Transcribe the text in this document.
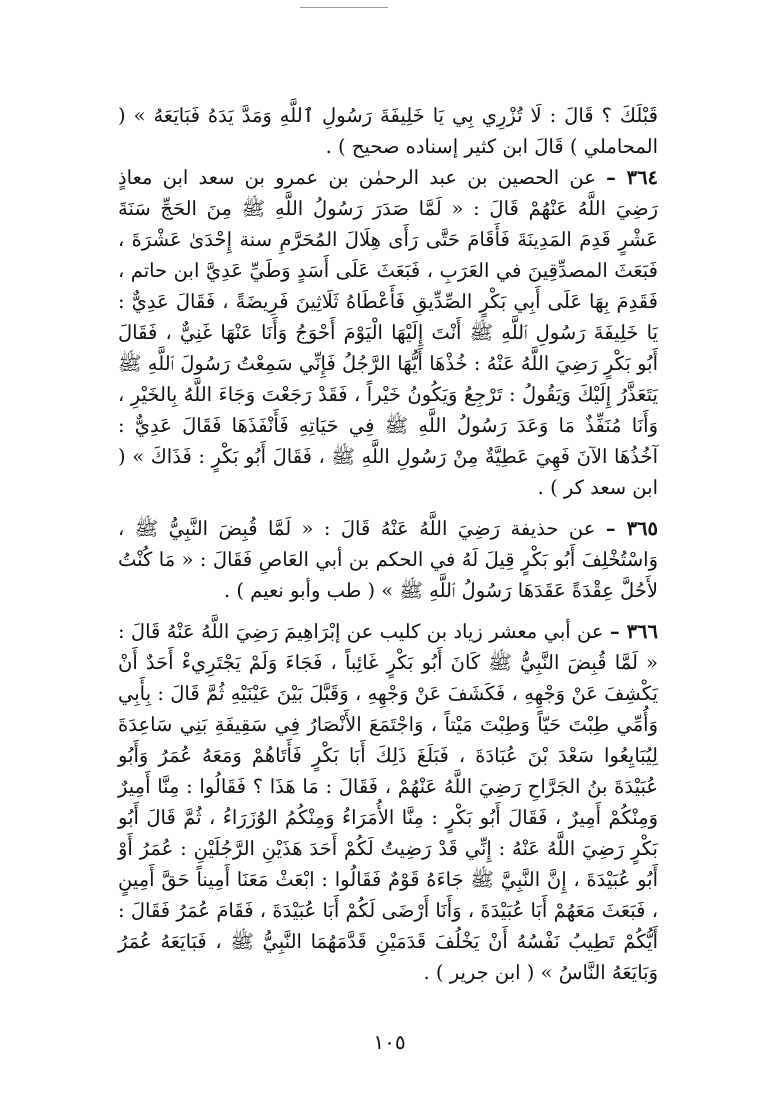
قَبْلَكَ ؟ قَالَ : لَا تُزْرِي بِي يَا خَلِيفَةَ رَسُولِ ٱللَّهِ وَمَدَّ يَدَهُ فَبَايَعَهُ » ( المحاملي ) قَالَ ابن كثير إسناده صحيح ) .

٣٦٤ – عن الحصين بن عبد الرحمٰن بن عمرو بن سعد ابن معاذٍ رَضِيَ اللَّهُ عَنْهُمْ قَالَ : « لَمَّا صَدَرَ رَسُولُ اللَّهِ ﷺ مِنَ الحَجِّ سَنَةَ عَشْرٍ قَدِمَ المَدِينَةَ فَأَقَامَ حَتَّى رَأَى هِلَالَ المُحَرَّمِ سنة إِحْدَىٰ عَشْرَةَ ، فَبَعَثَ المصدِّقِينَ في العَرَبِ ، فَبَعَثَ عَلَى أَسَدٍ وَطَيِّ عَدِيَّ ابن حاتم ، فَقَدِمَ بِهَا عَلَى أَبِي بَكْرٍ الصِّدِّيقِ فَأَعْطَاهُ ثَلَاثِينَ فَرِيضَةً ، فَقَالَ عَدِيٌّ : يَا خَلِيفَةَ رَسُولِ ٱللَّهِ ﷺ أَنْتَ إِلَيْهَا الْيَوْمَ أَحْوَجُ وَأَنَا عَنْهَا غَنِيٌّ ، فَقَالَ أَبُو بَكْرٍ رَضِيَ اللَّهُ عَنْهُ : خُذْهَا أَيُّهَا الرَّجُلُ فَإِنِّي سَمِعْتُ رَسُولَ ٱللَّهِ ﷺ يَتَعَذَّرُ إِلَيْكَ وَيَقُولُ : تَرْجِعُ وَيَكُونُ خَيْراً ، فَقَدْ رَجَعْتَ وَجَاءَ اللَّهُ بِالخَيْرِ ، وَأَنَا مُنَفِّذٌ مَا وَعَدَ رَسُولُ اللَّهِ ﷺ فِي حَيَاتِهِ فَأَنْفَذَهَا فَقَالَ عَدِيٌّ : آخُذُهَا الآنَ فَهِيَ عَطِيَّةٌ مِنْ رَسُولِ اللَّهِ ﷺ ، فَقَالَ أَبُو بَكْرٍ : فَذَاكَ » ( ابن سعد كر ) .

٣٦٥ – عن حذيفة رَضِيَ اللَّهُ عَنْهُ قَالَ : « لَمَّا قُبِضَ النَّبِيُّ ﷺ ، وَاسْتُخْلِفَ أَبُو بَكْرٍ قِيلَ لَهُ في الحكم بن أبي العَاصِ فَقَالَ : « مَا كُنْتُ لأَحُلَّ عِقْدَةً عَقَدَهَا رَسُولُ ٱللَّهِ ﷺ » ( طب وأبو نعيم ) .

٣٦٦ – عن أبي معشر زياد بن كليب عن إبْرَاهِيمَ رَضِيَ اللَّهُ عَنْهُ قَالَ : « لَمَّا قُبِضَ النَّبِيُّ ﷺ كَانَ أَبُو بَكْرٍ غَائِباً ، فَجَاءَ وَلَمْ يَجْتَرِيءْ أَحَدٌ أَنْ يَكْشِفَ عَنْ وَجْهِهِ ، فَكَشَفَ عَنْ وَجْهِهِ ، وَقَبَّلَ بَيْنَ عَيْنَيْهِ ثُمَّ قَالَ : بِأَبِي وَأُمِّي طِبْتَ حَيّاً وَطِبْتَ مَيْتاً ، وَاجْتَمَعَ الأَنْصَارُ فِي سَقِيفَةِ بَنِي سَاعِدَةَ لِيُبَايِعُوا سَعْدَ بْنَ عُبَادَةَ ، فَبَلَغَ ذَلِكَ أَبَا بَكْرٍ فَأَتَاهُمْ وَمَعَهُ عُمَرُ وَأَبُو عُبَيْدَةَ بنُ الجَرَّاحِ رَضِيَ اللَّهُ عَنْهُمْ ، فَقَالَ : مَا هَذَا ؟ فَقَالُوا : مِنَّا أَمِيرٌ وَمِنْكُمْ أَمِيرٌ ، فَقَالَ أَبُو بَكْرٍ : مِنَّا الأُمَرَاءُ وَمِنْكُمُ الوُزَرَاءُ ، ثُمَّ قَالَ أَبُو بَكْرٍ رَضِيَ اللَّهُ عَنْهُ : إِنِّي قَدْ رَضِيتُ لَكُمْ أَحَدَ هَذَيْنِ الرَّجُلَيْنِ : عُمَرُ أَوْ أَبُو عُبَيْدَةَ ، إِنَّ النَّبِيَّ ﷺ جَاءَهُ قَوْمٌ فَقَالُوا : ابْعَثْ مَعَنَا أَمِيناً حَقَّ أَمِينٍ ، فَبَعَثَ مَعَهُمْ أَبَا عُبَيْدَةَ ، وَأَنَا أَرْضَى لَكُمْ أَبَا عُبَيْدَةَ ، فَقَامَ عُمَرُ فَقَالَ : أَيُّكُمْ تَطِيبُ نَفْسُهُ أَنْ يَخْلُفَ قَدَمَيْنِ قَدَّمَهُمَا النَّبِيُّ ﷺ ، فَبَايَعَهُ عُمَرُ وَبَايَعَهُ النَّاسُ » ( ابن جرير ) .

١٠٥
